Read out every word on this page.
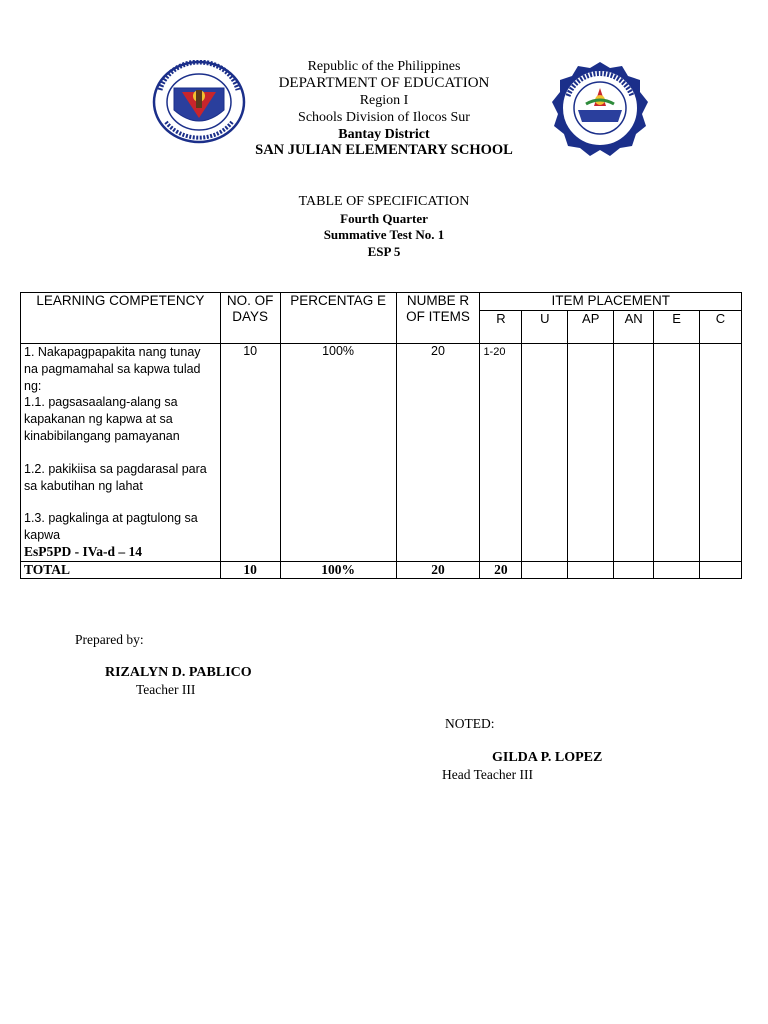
Republic of the Philippines
DEPARTMENT OF EDUCATION
Region I
Schools Division of Ilocos Sur
Bantay District
SAN JULIAN ELEMENTARY SCHOOL
TABLE OF SPECIFICATION
Fourth Quarter
Summative Test No. 1
ESP 5
LEARNING COMPETENCY	NO. OF DAYS	PERCENTAG E	NUMBE R OF ITEMS	ITEM PLACEMENT					
				R	U	AP	AN	E	C

1. Nakapagpapakita nang tunay na pagmamahal sa kapwa tulad ng:
1.1. pagsasaalang-alang sa kapakanan ng kapwa at sa kinabibilangang pamayanan
1.2. pakikiisa sa pagdarasal para sa kabutihan ng lahat
1.3. pagkalinga at pagtulong sa kapwa
EsP5PD - IVa-d – 14	10	100%	20	1-20					
TOTAL	10	100%	20	20					
Prepared by:
RIZALYN D. PABLICO
Teacher III
NOTED:
GILDA P. LOPEZ
Head Teacher III
